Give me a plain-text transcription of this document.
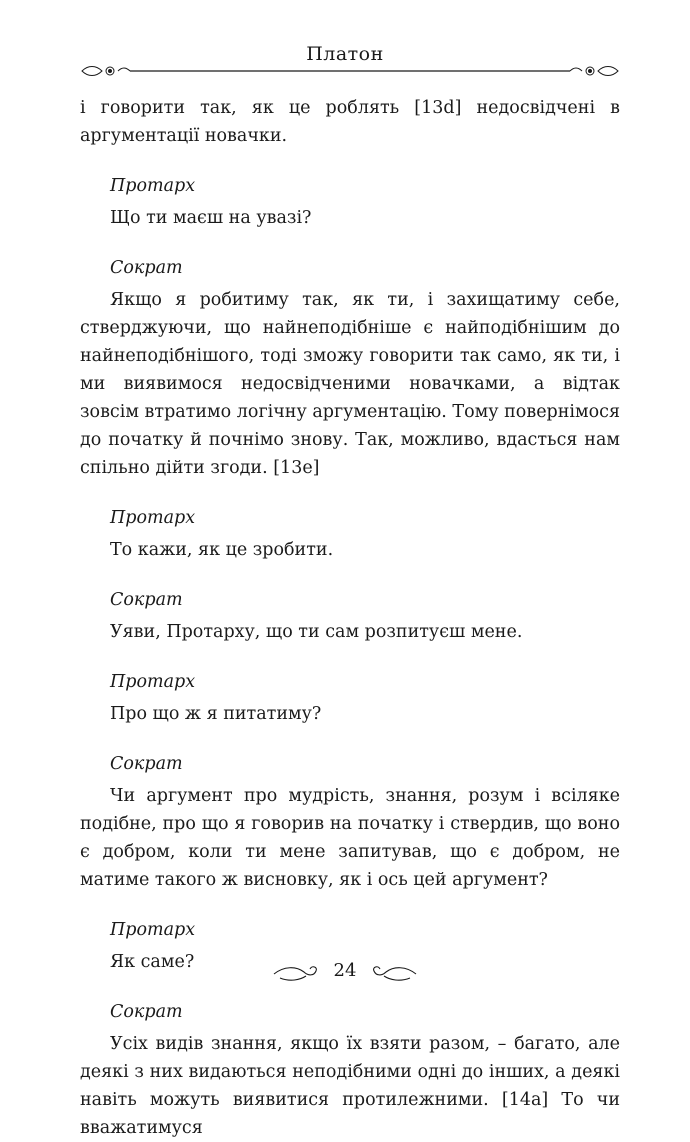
Платон

і говорити так, як це роблять [13d] недосвідчені в аргументації новачки.

Протарх

Що ти маєш на увазі?

Сократ

Якщо я робитиму так, як ти, і захищатиму себе, стверджуючи, що найнеподібніше є найподібнішим до найнеподібнішого, тоді зможу говорити так само, як ти, і ми виявимося недосвідченими новачками, а відтак зовсім втратимо логічну аргументацію. Тому повернімося до початку й почнімо знову. Так, можливо, вдасться нам спільно дійти згоди. [13e]

Протарх

То кажи, як це зробити.

Сократ

Уяви, Протарху, що ти сам розпитуєш мене.

Протарх

Про що ж я питатиму?

Сократ

Чи аргумент про мудрість, знання, розум і всіляке подібне, про що я говорив на початку і ствердив, що воно є добром, коли ти мене запитував, що є добром, не матиме такого ж висновку, як і ось цей аргумент?

Протарх

Як саме?

Сократ

Усіх видів знання, якщо їх взяти разом, – багато, але деякі з них видаються неподібними одні до інших, а деякі навіть можуть виявитися протилежними. [14a] То чи вважатимуся

24
